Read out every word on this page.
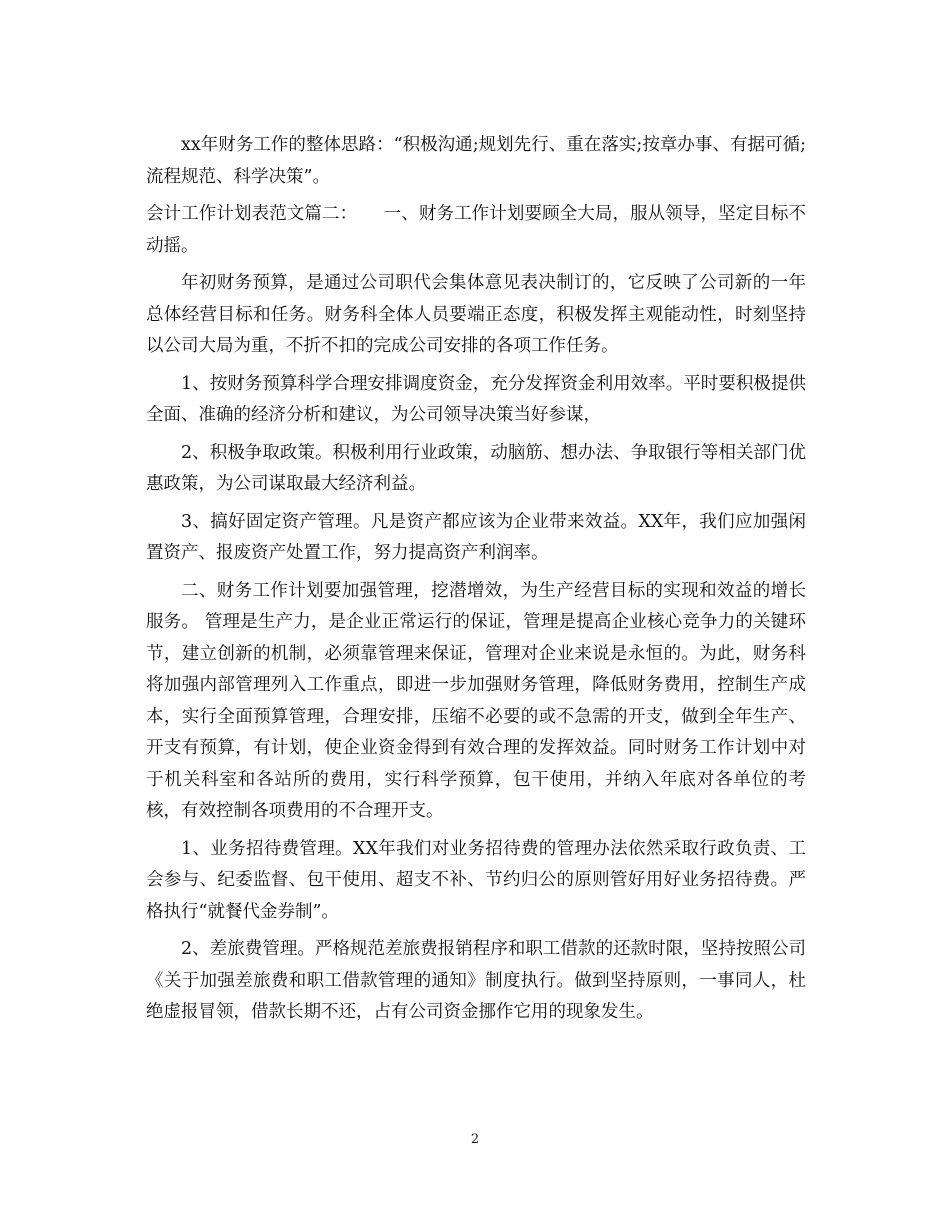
xx年财务工作的整体思路：“积极沟通;规划先行、重在落实;按章办事、有据可循;流程规范、科学决策”。

会计工作计划表范文篇二：　　一、财务工作计划要顾全大局，服从领导，坚定目标不动摇。

年初财务预算，是通过公司职代会集体意见表决制订的，它反映了公司新的一年总体经营目标和任务。财务科全体人员要端正态度，积极发挥主观能动性，时刻坚持以公司大局为重，不折不扣的完成公司安排的各项工作任务。

1、按财务预算科学合理安排调度资金，充分发挥资金利用效率。平时要积极提供全面、准确的经济分析和建议，为公司领导决策当好参谋，

2、积极争取政策。积极利用行业政策，动脑筋、想办法、争取银行等相关部门优惠政策，为公司谋取最大经济利益。

3、搞好固定资产管理。凡是资产都应该为企业带来效益。XX年，我们应加强闲置资产、报废资产处置工作，努力提高资产利润率。

二、财务工作计划要加强管理，挖潜增效，为生产经营目标的实现和效益的增长服务。 管理是生产力，是企业正常运行的保证，管理是提高企业核心竞争力的关键环节，建立创新的机制，必须靠管理来保证，管理对企业来说是永恒的。为此，财务科将加强内部管理列入工作重点，即进一步加强财务管理，降低财务费用，控制生产成本，实行全面预算管理，合理安排，压缩不必要的或不急需的开支，做到全年生产、开支有预算，有计划，使企业资金得到有效合理的发挥效益。同时财务工作计划中对于机关科室和各站所的费用，实行科学预算，包干使用，并纳入年底对各单位的考核，有效控制各项费用的不合理开支。

1、业务招待费管理。XX年我们对业务招待费的管理办法依然采取行政负责、工会参与、纪委监督、包干使用、超支不补、节约归公的原则管好用好业务招待费。严格执行“就餐代金券制”。

2、差旅费管理。严格规范差旅费报销程序和职工借款的还款时限，坚持按照公司《关于加强差旅费和职工借款管理的通知》制度执行。做到坚持原则，一事同人，杜绝虚报冒领，借款长期不还，占有公司资金挪作它用的现象发生。

2
